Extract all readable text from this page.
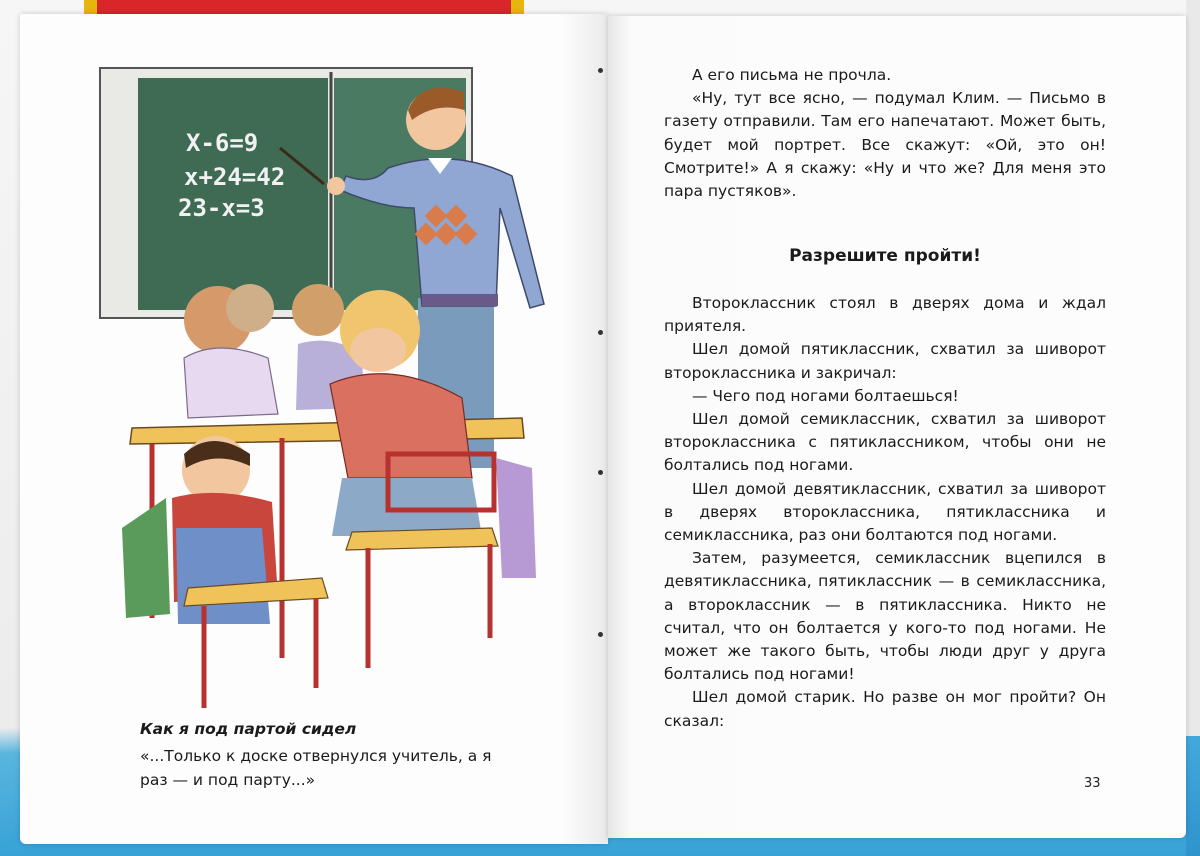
X-6=9
x+24=42
23-x=3

Как я под партой сидел

«...Только к доске отвернулся учитель, а я
раз — и под парту...»

А его письма не прочла.

«Ну, тут все ясно, — подумал Клим. — Письмо в газету отправили. Там его напечатают. Может быть, будет мой портрет. Все скажут: «Ой, это он! Смотрите!» А я скажу: «Ну и что же? Для меня это пара пустяков».

Разрешите пройти!

Второклассник стоял в дверях дома и ждал приятеля.

Шел домой пятиклассник, схватил за шиворот второклассника и закричал:

— Чего под ногами болтаешься!

Шел домой семиклассник, схватил за шиворот второклассника с пятиклассником, чтобы они не болтались под ногами.

Шел домой девятиклассник, схватил за шиворот в дверях второклассника, пятиклассника и семиклассника, раз они болтаются под ногами.

Затем, разумеется, семиклассник вцепился в девятиклассника, пятиклассник — в семиклассника, а второклассник — в пятиклассника. Никто не считал, что он болтается у кого-то под ногами. Не может же такого быть, чтобы люди друг у друга болтались под ногами!

Шел домой старик. Но разве он мог пройти? Он сказал:

33
